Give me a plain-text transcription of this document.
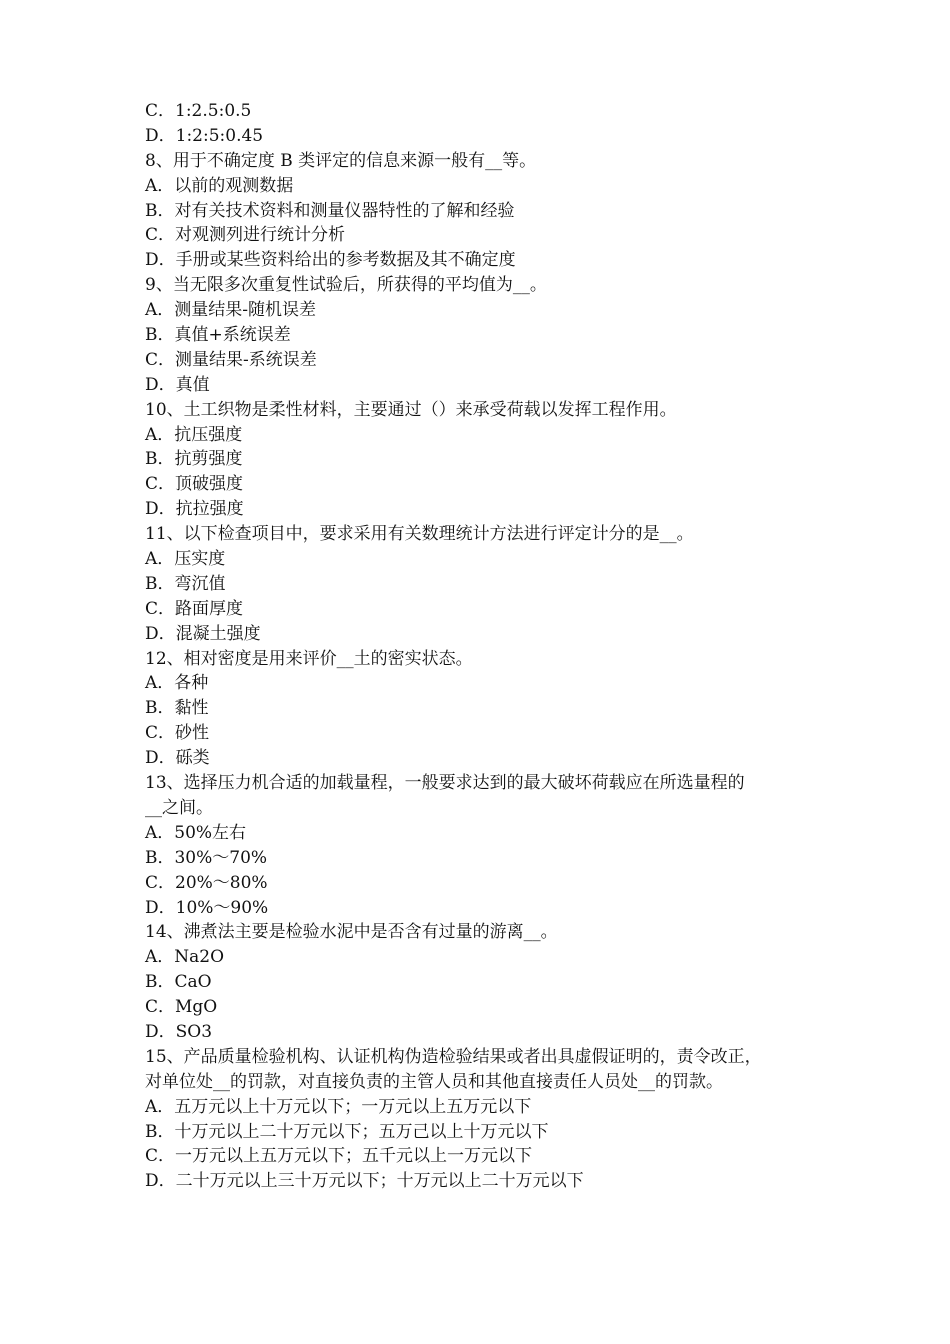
C．1:2.5:0.5
D．1:2:5:0.45
8、用于不确定度 B 类评定的信息来源一般有__等。
A．以前的观测数据
B．对有关技术资料和测量仪器特性的了解和经验
C．对观测列进行统计分析
D．手册或某些资料给出的参考数据及其不确定度
9、当无限多次重复性试验后，所获得的平均值为__。
A．测量结果-随机误差
B．真值+系统误差
C．测量结果-系统误差
D．真值
10、土工织物是柔性材料，主要通过（）来承受荷载以发挥工程作用。
A．抗压强度
B．抗剪强度
C．顶破强度
D．抗拉强度
11、以下检查项目中，要求采用有关数理统计方法进行评定计分的是__。
A．压实度
B．弯沉值
C．路面厚度
D．混凝土强度
12、相对密度是用来评价__土的密实状态。
A．各种
B．黏性
C．砂性
D．砾类
13、选择压力机合适的加载量程，一般要求达到的最大破坏荷载应在所选量程的
__之间。
A．50%左右
B．30%～70%
C．20%～80%
D．10%～90%
14、沸煮法主要是检验水泥中是否含有过量的游离__。
A．Na2O
B．CaO
C．MgO
D．SO3
15、产品质量检验机构、认证机构伪造检验结果或者出具虚假证明的，责令改正，
对单位处__的罚款，对直接负责的主管人员和其他直接责任人员处__的罚款。
A．五万元以上十万元以下；一万元以上五万元以下
B．十万元以上二十万元以下；五万己以上十万元以下
C．一万元以上五万元以下；五千元以上一万元以下
D．二十万元以上三十万元以下；十万元以上二十万元以下
